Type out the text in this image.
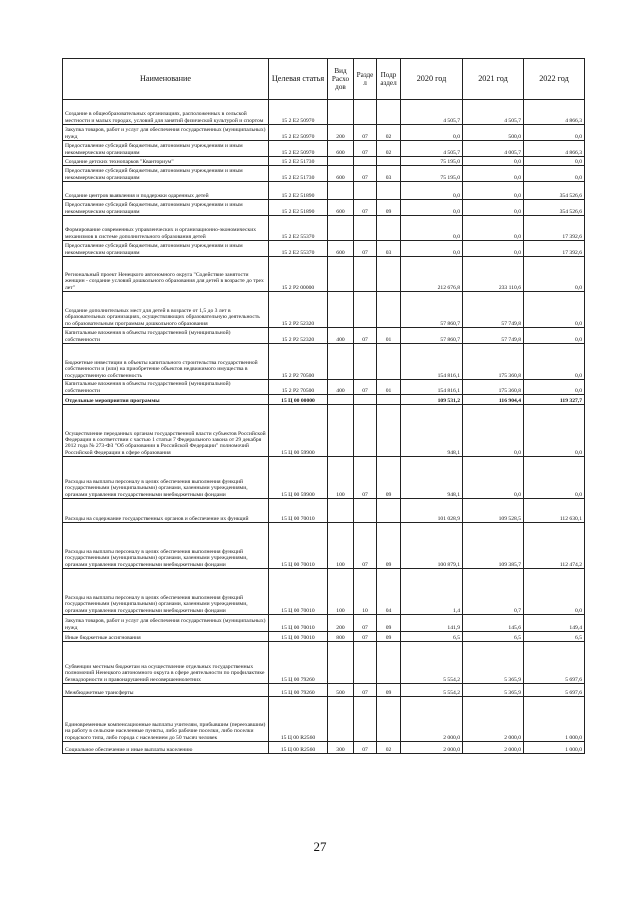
Наименование	Целевая статья	Вид Расхо дов	Разде л	Подр аздел	2020 год	2021 год	2022 год
Создание в общеобразовательных организациях, расположенных в сельской местности и малых городах, условий для занятий физической культурой и спортом	15 2 Е2 50970				4 505,7	4 505,7	4 866,3
Закупка товаров, работ и услуг для обеспечения государственных (муниципальных) нужд	15 2 Е2 50970	200	07	02	0,0	500,0	0,0
Предоставление субсидий бюджетным, автономным учреждениям и иным некоммерческим организациям	15 2 Е2 50970	600	07	02	4 505,7	4 005,7	4 866,3
Создание детских технопарков "Кванториум"	15 2 Е2 51730				75 195,0	0,0	0,0
Предоставление субсидий бюджетным, автономным учреждениям и иным некоммерческим организациям	15 2 Е2 51730	600	07	03	75 195,0	0,0	0,0
Создание центров выявления и поддержки одаренных детей	15 2 Е2 51890				0,0	0,0	354 526,6
Предоставление субсидий бюджетным, автономным учреждениям и иным некоммерческим организациям	15 2 Е2 51890	600	07	09	0,0	0,0	354 526,6
Формирование современных управленческих и организационно-экономических механизмов в системе дополнительного образования детей	15 2 Е2 55370				0,0	0,0	17 392,6
Предоставление субсидий бюджетным, автономным учреждениям и иным некоммерческим организациям	15 2 Е2 55370	600	07	03	0,0	0,0	17 392,6
Региональный проект Ненецкого автономного округа "Содействие занятости женщин - создание условий дошкольного образования для детей в возрасте до трех лет"	15 2 Р2 00000				212 676,8	233 110,6	0,0
Создание дополнительных мест для детей в возрасте от 1,5 до 3 лет в образовательных организациях, осуществляющих образовательную деятельность по образовательным программам дошкольного образования	15 2 Р2 52320				57 860,7	57 749,8	0,0
Капитальные вложения в объекты государственной (муниципальной) собственности	15 2 Р2 52320	400	07	01	57 860,7	57 749,8	0,0
Бюджетные инвестиции в объекты капитального строительства государственной собственности и (или) на приобретение объектов недвижимого имущества в государственную собственность	15 2 Р2 70500				154 816,1	175 360,8	0,0
Капитальные вложения в объекты государственной (муниципальной) собственности	15 2 Р2 70500	400	07	01	154 816,1	175 360,8	0,0
Отдельные мероприятия программы	15 Ц 00 00000				109 531,2	116 904,4	119 327,7
Осуществление переданных органам государственной власти субъектов Российской Федерации в соответствии с частью 1 статьи 7 Федерального закона от 29 декабря 2012 года № 273-ФЗ "Об образовании в Российской Федерации" полномочий Российской Федерации в сфере образования	15 Ц 00 59900				948,1	0,0	0,0
Расходы на выплаты персоналу в целях обеспечения выполнения функций государственными (муниципальными) органами, казенными учреждениями, органами управления государственными внебюджетными фондами	15 Ц 00 59900	100	07	09	948,1	0,0	0,0
Расходы на содержание государственных органов и обеспечение их функций	15 Ц 00 70010				101 028,9	109 528,5	112 630,1
Расходы на выплаты персоналу в целях обеспечения выполнения функций государственными (муниципальными) органами, казенными учреждениями, органами управления государственными внебюджетными фондами	15 Ц 00 70010	100	07	09	100 879,1	109 385,7	112 474,2
Расходы на выплаты персоналу в целях обеспечения выполнения функций государственными (муниципальными) органами, казенными учреждениями, органами управления государственными внебюджетными фондами	15 Ц 00 70010	100	10	04	1,4	0,7	0,0
Закупка товаров, работ и услуг для обеспечения государственных (муниципальных) нужд	15 Ц 00 70010	200	07	09	141,9	145,6	149,4
Иные бюджетные ассигнования	15 Ц 00 70010	800	07	09	6,5	6,5	6,5
Субвенции местным бюджетам на осуществление отдельных государственных полномочий Ненецкого автономного округа в сфере деятельности по профилактике безнадзорности и правонарушений несовершеннолетних	15 Ц 00 79260				5 554,2	5 365,9	5 697,6
Межбюджетные трансферты	15 Ц 00 79260	500	07	09	5 554,2	5 365,9	5 697,6
Единовременные компенсационные выплаты учителям, прибывшим (переехавшим) на работу в сельские населенные пункты, либо рабочие поселки, либо поселки городского типа, либо города с населением до 50 тысяч человек	15 Ц 00 R2560				2 000,0	2 000,0	1 000,0
Социальное обеспечение и иные выплаты населению	15 Ц 00 R2560	300	07	02	2 000,0	2 000,0	1 000,0
27
